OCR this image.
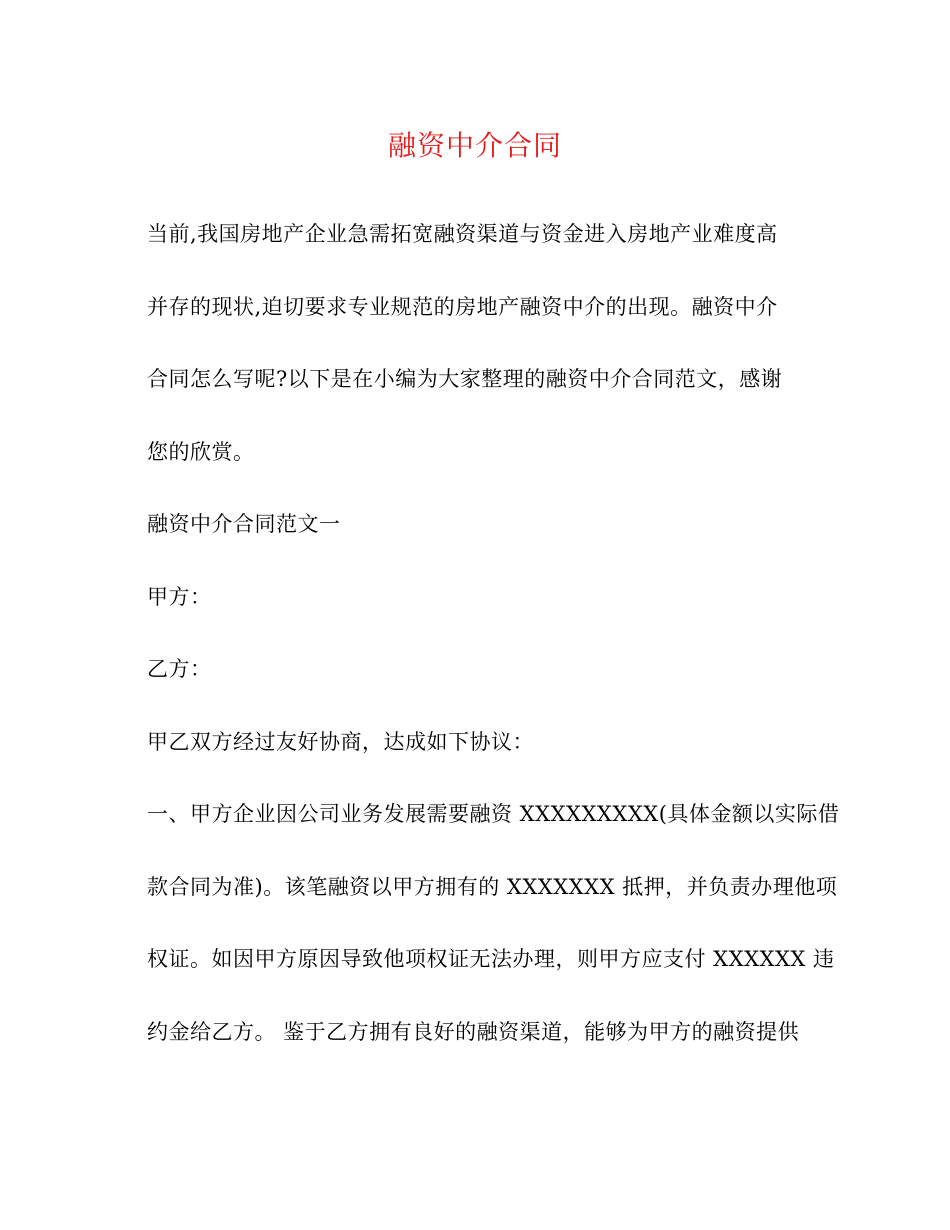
融资中介合同
当前,我国房地产企业急需拓宽融资渠道与资金进入房地产业难度高
并存的现状,迫切要求专业规范的房地产融资中介的出现。融资中介
合同怎么写呢?以下是在小编为大家整理的融资中介合同范文，感谢
您的欣赏。
融资中介合同范文一
甲方：
乙方：
甲乙双方经过友好协商，达成如下协议：
一、甲方企业因公司业务发展需要融资 XXXXXXXXX(具体金额以实际借
款合同为准)。该笔融资以甲方拥有的 XXXXXXX 抵押，并负责办理他项
权证。如因甲方原因导致他项权证无法办理，则甲方应支付 XXXXXX 违
约金给乙方。 鉴于乙方拥有良好的融资渠道，能够为甲方的融资提供
